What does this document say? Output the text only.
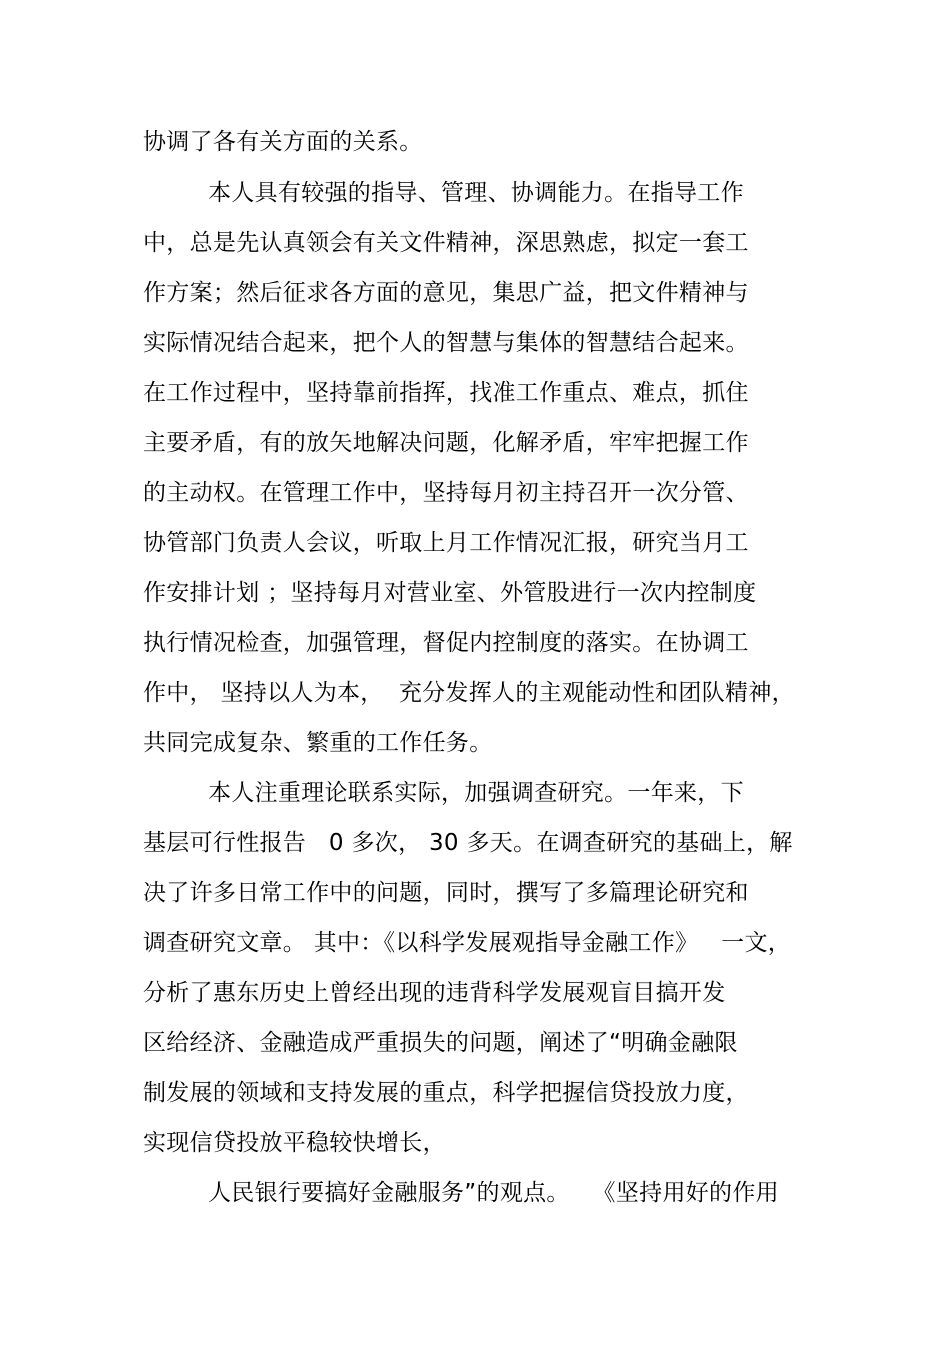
协调了各有关方面的关系。
本人具有较强的指导、管理、协调能力。在指导工作
中，总是先认真领会有关文件精神，深思熟虑，拟定一套工
作方案；然后征求各方面的意见，集思广益，把文件精神与
实际情况结合起来，把个人的智慧与集体的智慧结合起来。
在工作过程中，坚持靠前指挥，找准工作重点、难点，抓住
主要矛盾，有的放矢地解决问题，化解矛盾，牢牢把握工作
的主动权。在管理工作中，坚持每月初主持召开一次分管、
协管部门负责人会议，听取上月工作情况汇报，研究当月工
作安排计划 ；坚持每月对营业室、外管股进行一次内控制度
执行情况检查，加强管理，督促内控制度的落实。在协调工
作中， 坚持以人为本，  充分发挥人的主观能动性和团队精神，
共同完成复杂、繁重的工作任务。
本人注重理论联系实际，加强调查研究。一年来，下
基层可行性报告   0 多次， 30 多天。在调查研究的基础上，解
决了许多日常工作中的问题，同时，撰写了多篇理论研究和
调查研究文章。 其中：《以科学发展观指导金融工作》   一文，
分析了惠东历史上曾经出现的违背科学发展观盲目搞开发
区给经济、金融造成严重损失的问题，阐述了“明确金融限
制发展的领域和支持发展的重点，科学把握信贷投放力度，
实现信贷投放平稳较快增长，
人民银行要搞好金融服务”的观点。   《坚持用好的作用
